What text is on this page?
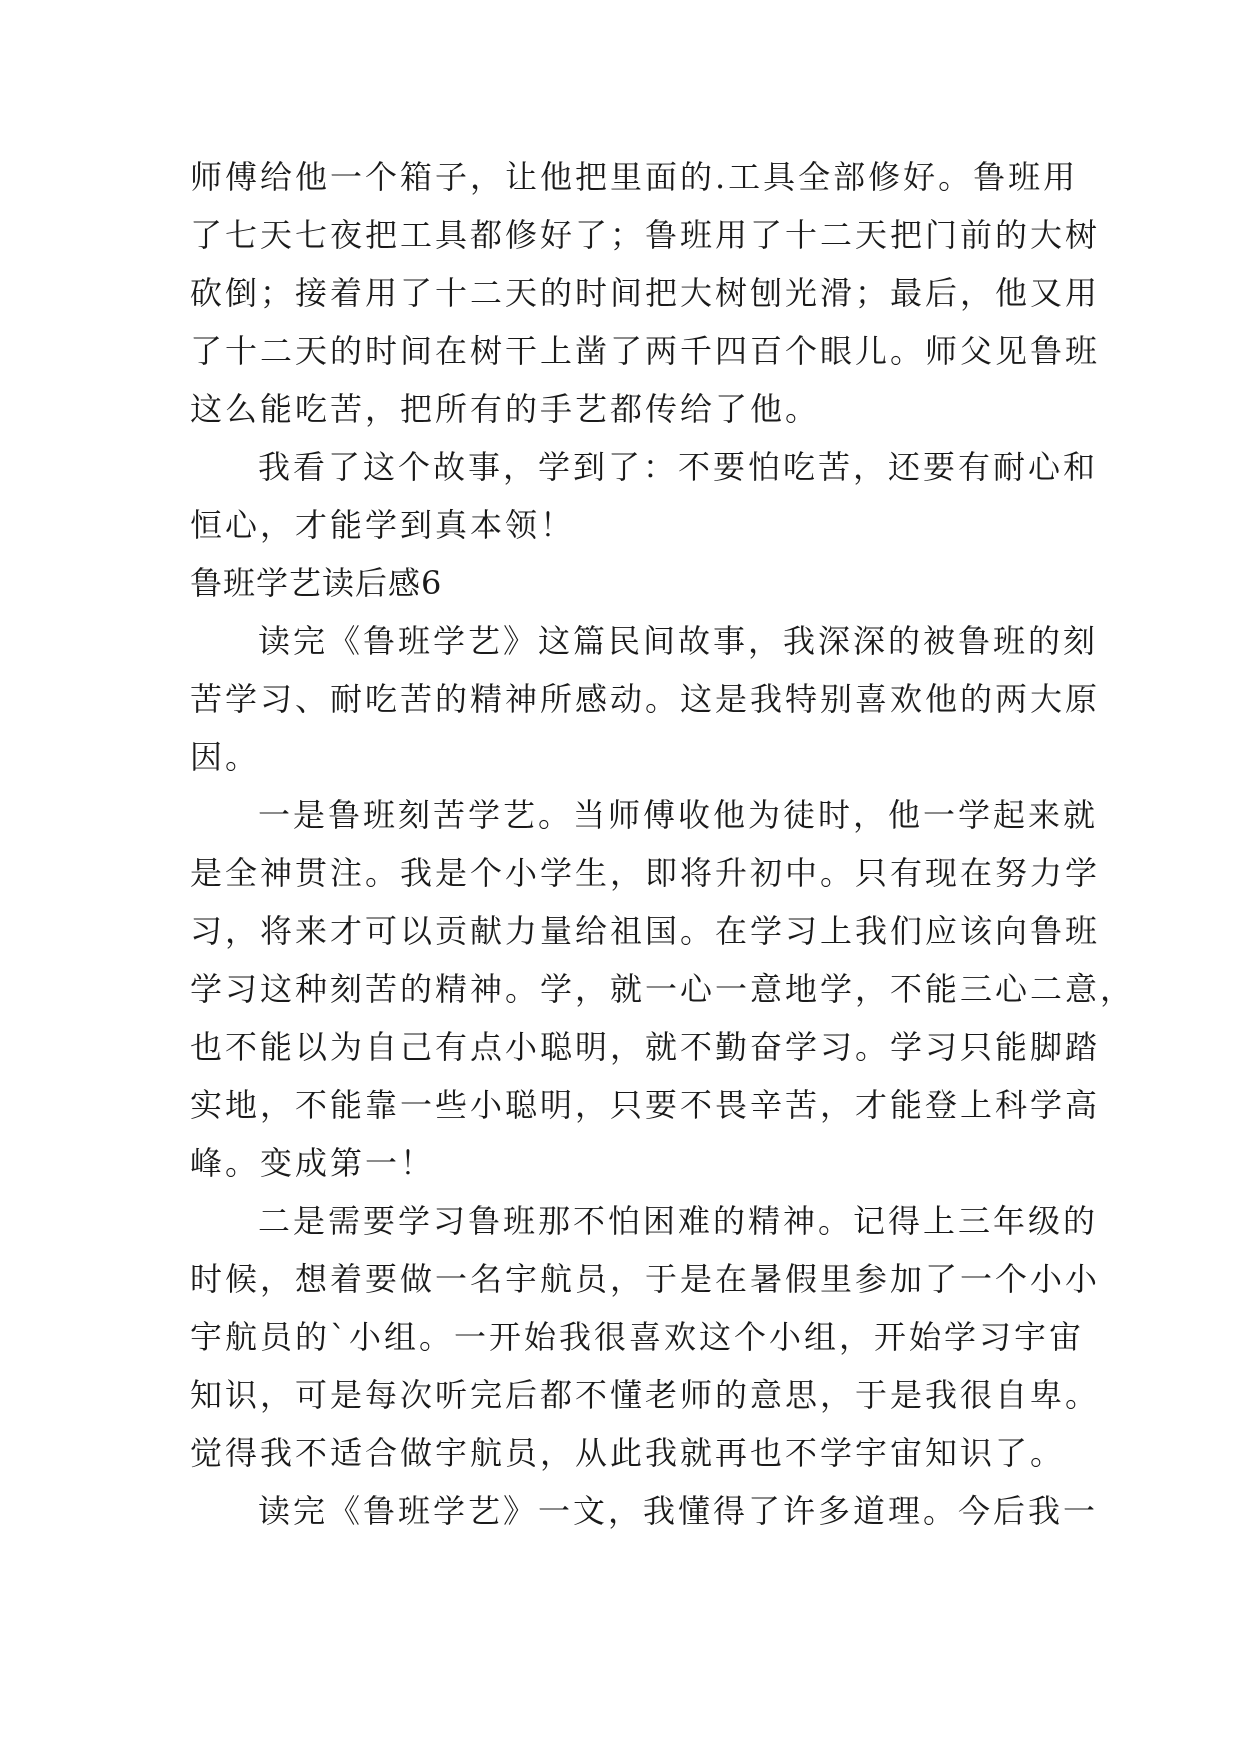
师傅给他一个箱子，让他把里面的.工具全部修好。鲁班用
了七天七夜把工具都修好了；鲁班用了十二天把门前的大树
砍倒；接着用了十二天的时间把大树刨光滑；最后，他又用
了十二天的时间在树干上凿了两千四百个眼儿。师父见鲁班
这么能吃苦，把所有的手艺都传给了他。
我看了这个故事，学到了：不要怕吃苦，还要有耐心和
恒心，才能学到真本领！
鲁班学艺读后感6
读完《鲁班学艺》这篇民间故事，我深深的被鲁班的刻
苦学习、耐吃苦的精神所感动。这是我特别喜欢他的两大原
因。
一是鲁班刻苦学艺。当师傅收他为徒时，他一学起来就
是全神贯注。我是个小学生，即将升初中。只有现在努力学
习，将来才可以贡献力量给祖国。在学习上我们应该向鲁班
学习这种刻苦的精神。学，就一心一意地学，不能三心二意，
也不能以为自己有点小聪明，就不勤奋学习。学习只能脚踏
实地，不能靠一些小聪明，只要不畏辛苦，才能登上科学高
峰。变成第一！
二是需要学习鲁班那不怕困难的精神。记得上三年级的
时候，想着要做一名宇航员，于是在暑假里参加了一个小小
宇航员的`小组。一开始我很喜欢这个小组，开始学习宇宙
知识，可是每次听完后都不懂老师的意思，于是我很自卑。
觉得我不适合做宇航员，从此我就再也不学宇宙知识了。
读完《鲁班学艺》一文，我懂得了许多道理。今后我一
